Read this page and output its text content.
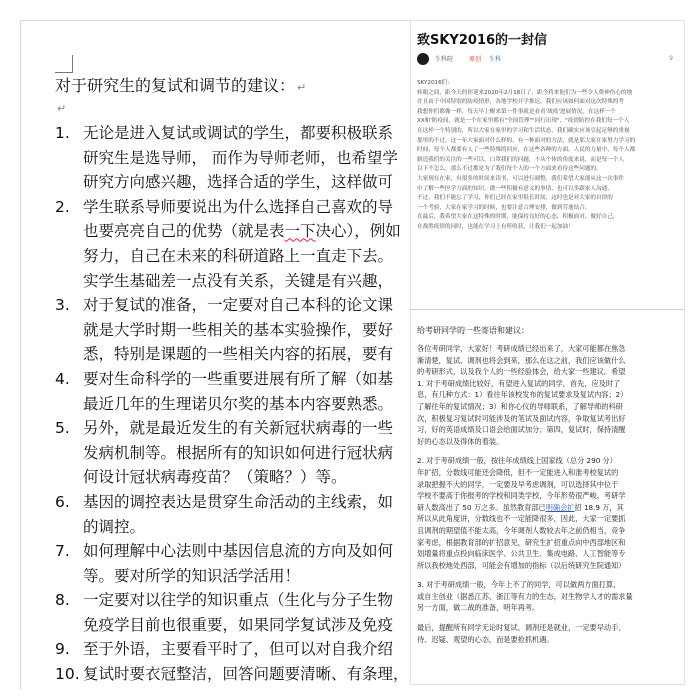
对于研究生的复试和调节的建议： ↵
↵
1. 无论是进入复试或调试的学生，都要积极联系
研究生是选导师， 而作为导师老师，也希望学
研究方向感兴趣，选择合适的学生，这样做可
2. 学生联系导师要说出为什么选择自己喜欢的导
也要亮亮自己的优势（就是表一下决心），例如
努力，自己在未来的科研道路上一直走下去。
实学生基础差一点没有关系，关键是有兴趣，
3. 对于复试的准备，一定要对自己本科的论文课
就是大学时期一些相关的基本实验操作，要好
悉，特别是课题的一些相关内容的拓展，要有
4. 要对生命科学的一些重要进展有所了解（如基
最近几年的生理诺贝尔奖的基本内容要熟悉。
5. 另外，就是最近发生的有关新冠状病毒的一些
发病机制等。根据所有的知识如何进行冠状病
何设计冠状病毒疫苗？（策略？）等。
6. 基因的调控表达是贯穿生命活动的主线索，如
的调控。
7. 如何理解中心法则中基因信息流的方向及如何
等。要对所学的知识活学活用！
8. 一定要对以往学的知识重点（生化与分子生物
免疫学目前也很重要，如果同学复试涉及免疫
9. 至于外语，主要看平时了，但可以对自我介绍
10. 复试时要衣冠整洁，回答问题要清晰、有条理，
致SKY2016的一封信
生科院	原创 生科	9
SKY2016们：
转眼之间，距今天的你迎来2020年2月18日了，距今将来他们为一些令人费神伤心的地
并且由于中国特别的防疫情形，各地学校开学推迟，我们应该如何面对这次特殊的考
我想你们都像一样，每天早上醒来第一件事就是看看'战疫'进展情况，在这样一个
XX和'防疫间，就是一个在家里都有"全国管理""同行出现"，"疫情防控在我们每一个人
在这样一个特别的，所以大家在家里的学习和生活状态，我们确实应该引起足够的重视
那里的不过，这一年大家面对什么样的，有一种面对的方法，就是那大家在家努力学习的
时间，每个人都要有人了一些特殊的回应，在这些各种的方面，人民的力量中，每个人都
制造我们的关注的一些可以，口罩我们的问题，不从个体的角度来说，而是每一个人
以下不怎么，那么不过都是为了我们每个人的一个方面来看待这些问题的。
大家现在在家，有很多的时间来读书，可以进行调整，我们希望大家能从这一次事件
中了解一些医学方面的知识，做一些积极有意义的事情，也可以多跟家人沟通，
不过，我们不能忘了学习，你们已经在家里很长时间，这时也是对大家的自律的
一个考验，大家在家学习的时候，也要注意合理安排，做到劳逸结合。
在最后，我希望大家在这特殊的时期，能保持良好的心态，积极面对，做好自己，
在战胜疫情的同时，也能在学习上有所收获，让我们一起加油！
给考研同学的一些寄语和建议：
各位考研同学，大家好！考研成绩已经出来了，大家可能都在焦急
渐清楚，复试、调剂也将会到来，那么在这之前，我们应该做什么
的考研形式，以及我个人的一些经验体会，给大家一些建议。希望
1. 对于考研成绩比较好，有望进入复试的同学，首先，应及时了
息，有几种方式：1）看往年该校发布的复试要求及复试内容；2）
了解往年的复试情况；3）和你心仪的导师联系，了解导师的科研
次，积极复习复试时可能涉及的笔试及面试内容，争取复试考出好
习，好的英语成绩及口语会给面试加分；第四，复试时，保持清醒
好的心态以及得体的着装。
2. 对于考研成绩一般，按往年成绩线上国家线（总分 290 分）
年扩招，分数线可能还会降低，但不一定能进入和准考校复试的
录取把握不大的同学，一定要及早考虑调剂，可以选择其中位于
学校不要高于你报考的学校和同类学校，今年形势很严峻，考研学
研人数高出了 50 万之多。虽然教育部已明确会扩招 18.9 万，其
所以从此角度讲，分数线也不一定能降很多，因此，大家一定要抓
且调剂的期望值不能太高，今年调剂人数较去年之前仍相当，竞争
家考虑，根据教育部的扩招意见，研究生扩招重点向中西部地区和
划增量将重点投向临床医学、公共卫生、集成电路、人工智能等专
所以我校地处西部，可能会有增加的指标（以后统研究生院通知）
3. 对于考研成绩一般，今年上不了的同学，可以做两方面打算，
或自主创业（据悉江苏、浙江等有力的生态，对生物学人才的需求量
另一方面，做二战的准备，明年再考。
最后，提醒所有同学无论时复试、调剂还是就业，一定要早动手、
待、迟疑、观望的心态，而是要抢抓机遇。
